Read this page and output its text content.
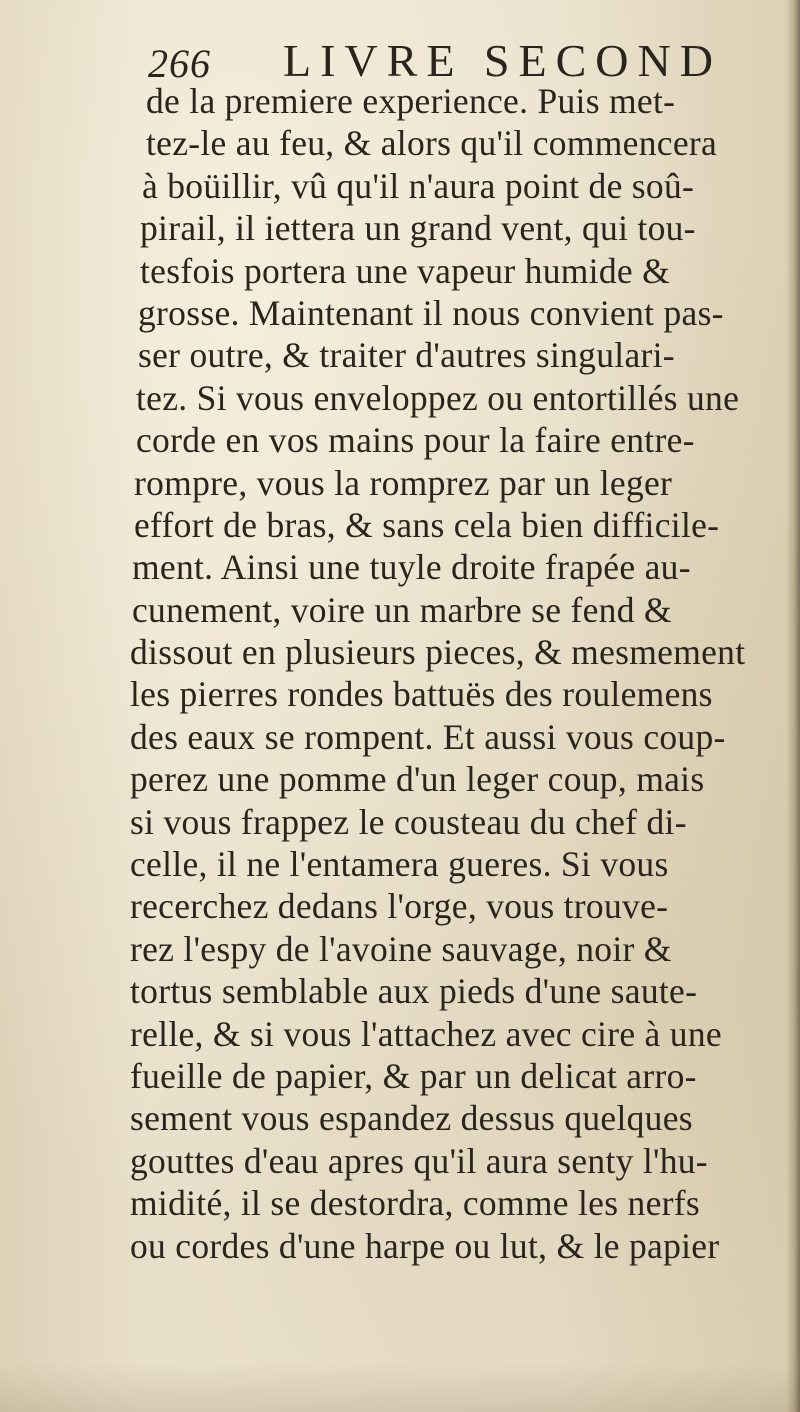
266 LIVRE SECOND
de la premiere experience. Puis met-
tez-le au feu, & alors qu'il commencera
à boüillir, vû qu'il n'aura point de soû-
pirail, il iettera un grand vent, qui tou-
tesfois portera une vapeur humide &
grosse. Maintenant il nous convient pas-
ser outre, & traiter d'autres singulari-
tez. Si vous enveloppez ou entortillés une
corde en vos mains pour la faire entre-
rompre, vous la romprez par un leger
effort de bras, & sans cela bien difficile-
ment. Ainsi une tuyle droite frapée au-
cunement, voire un marbre se fend &
dissout en plusieurs pieces, & mesmement
les pierres rondes battuës des roulemens
des eaux se rompent. Et aussi vous coup-
perez une pomme d'un leger coup, mais
si vous frappez le cousteau du chef di-
celle, il ne l'entamera gueres. Si vous
recerchez dedans l'orge, vous trouve-
rez l'espy de l'avoine sauvage, noir &
tortus semblable aux pieds d'une saute-
relle, & si vous l'attachez avec cire à une
fueille de papier, & par un delicat arro-
sement vous espandez dessus quelques
gouttes d'eau apres qu'il aura senty l'hu-
midité, il se destordra, comme les nerfs
ou cordes d'une harpe ou lut, & le papier
